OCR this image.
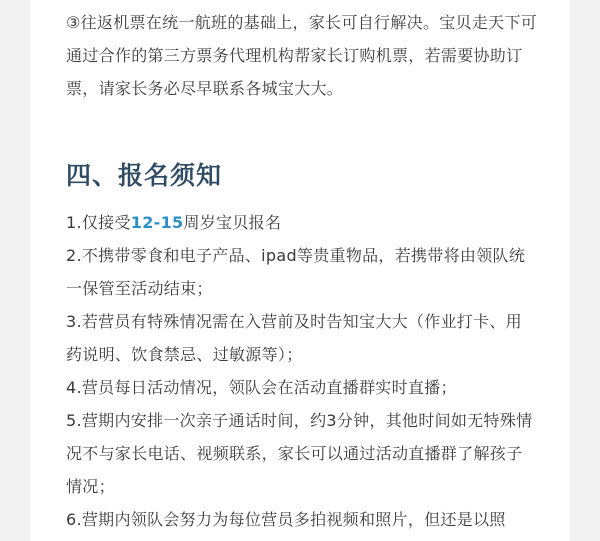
③往返机票在统一航班的基础上，家长可自行解决。宝贝走天下可通过合作的第三方票务代理机构帮家长订购机票，若需要协助订票，请家长务必尽早联系各城宝大大。

四、报名须知
1.仅接受12-15周岁宝贝报名
2.不携带零食和电子产品、ipad等贵重物品，若携带将由领队统一保管至活动结束；
3.若营员有特殊情况需在入营前及时告知宝大大（作业打卡、用药说明、饮食禁忌、过敏源等）；
4.营员每日活动情况，领队会在活动直播群实时直播；
5.营期内安排一次亲子通话时间，约3分钟，其他时间如无特殊情况不与家长电话、视频联系，家长可以通过活动直播群了解孩子情况；
6.营期内领队会努力为每位营员多拍视频和照片，但还是以照
